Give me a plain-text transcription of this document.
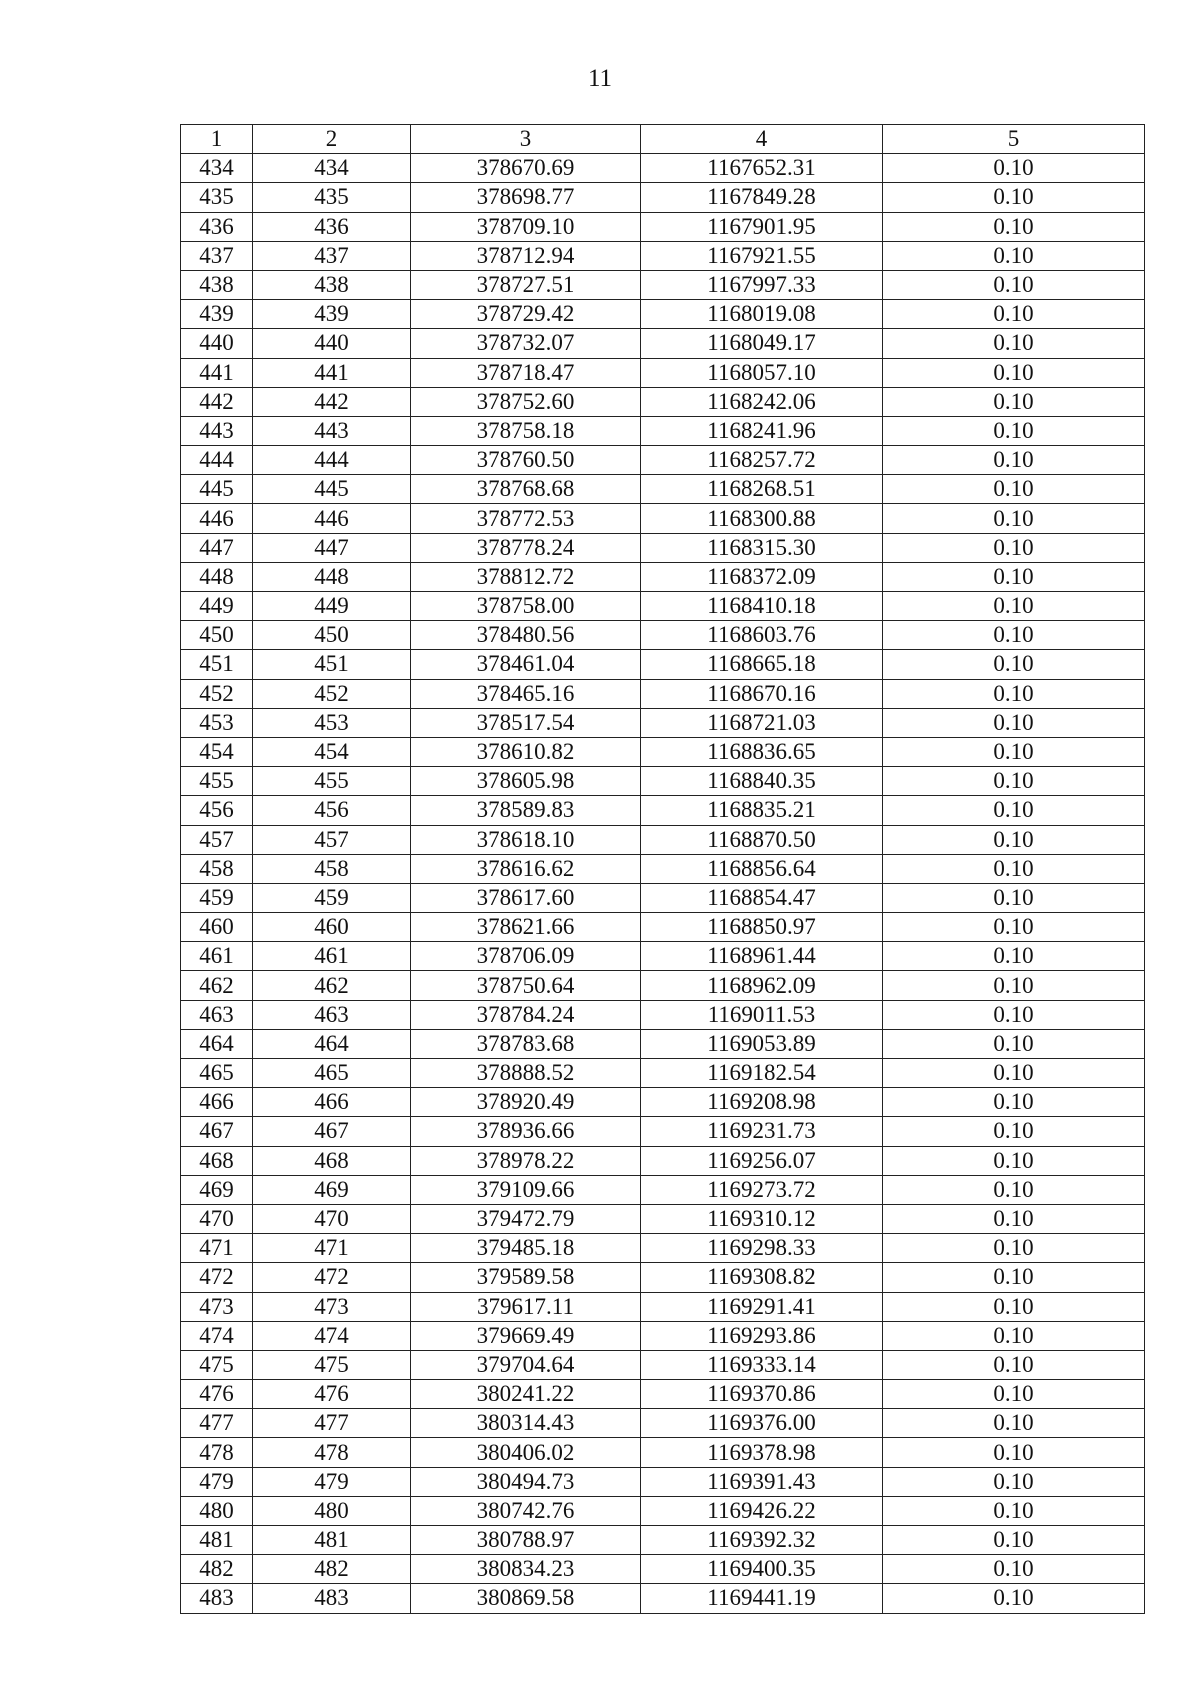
11
1	2	3	4	5
434	434	378670.69	1167652.31	0.10
435	435	378698.77	1167849.28	0.10
436	436	378709.10	1167901.95	0.10
437	437	378712.94	1167921.55	0.10
438	438	378727.51	1167997.33	0.10
439	439	378729.42	1168019.08	0.10
440	440	378732.07	1168049.17	0.10
441	441	378718.47	1168057.10	0.10
442	442	378752.60	1168242.06	0.10
443	443	378758.18	1168241.96	0.10
444	444	378760.50	1168257.72	0.10
445	445	378768.68	1168268.51	0.10
446	446	378772.53	1168300.88	0.10
447	447	378778.24	1168315.30	0.10
448	448	378812.72	1168372.09	0.10
449	449	378758.00	1168410.18	0.10
450	450	378480.56	1168603.76	0.10
451	451	378461.04	1168665.18	0.10
452	452	378465.16	1168670.16	0.10
453	453	378517.54	1168721.03	0.10
454	454	378610.82	1168836.65	0.10
455	455	378605.98	1168840.35	0.10
456	456	378589.83	1168835.21	0.10
457	457	378618.10	1168870.50	0.10
458	458	378616.62	1168856.64	0.10
459	459	378617.60	1168854.47	0.10
460	460	378621.66	1168850.97	0.10
461	461	378706.09	1168961.44	0.10
462	462	378750.64	1168962.09	0.10
463	463	378784.24	1169011.53	0.10
464	464	378783.68	1169053.89	0.10
465	465	378888.52	1169182.54	0.10
466	466	378920.49	1169208.98	0.10
467	467	378936.66	1169231.73	0.10
468	468	378978.22	1169256.07	0.10
469	469	379109.66	1169273.72	0.10
470	470	379472.79	1169310.12	0.10
471	471	379485.18	1169298.33	0.10
472	472	379589.58	1169308.82	0.10
473	473	379617.11	1169291.41	0.10
474	474	379669.49	1169293.86	0.10
475	475	379704.64	1169333.14	0.10
476	476	380241.22	1169370.86	0.10
477	477	380314.43	1169376.00	0.10
478	478	380406.02	1169378.98	0.10
479	479	380494.73	1169391.43	0.10
480	480	380742.76	1169426.22	0.10
481	481	380788.97	1169392.32	0.10
482	482	380834.23	1169400.35	0.10
483	483	380869.58	1169441.19	0.10
